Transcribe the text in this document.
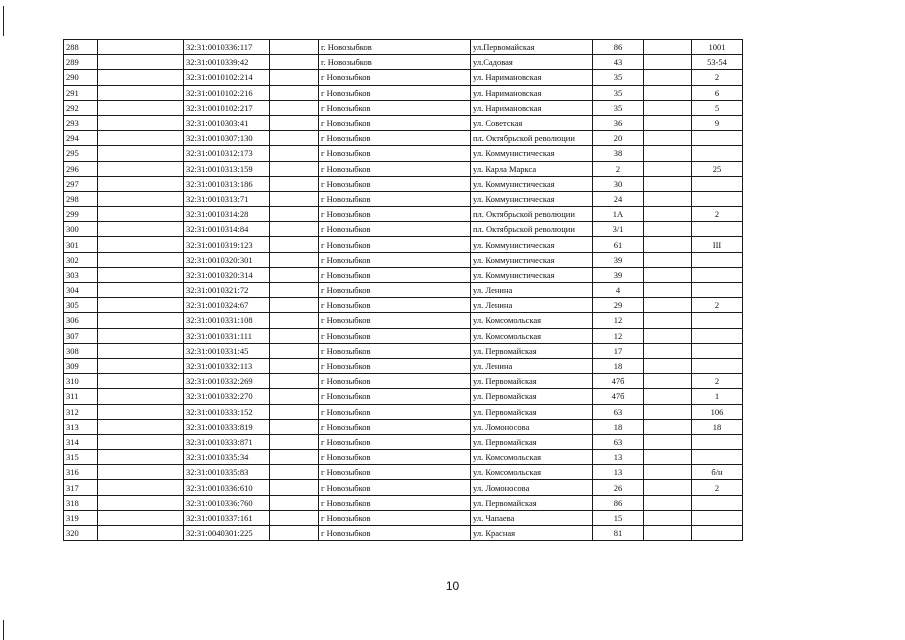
288		32:31:0010336:117		г. Новозыбков	ул.Первомайская	86		1001
289		32:31:0010339:42		г. Новозыбков	ул.Садовая	43		53-54
290		32:31:0010102:214		г Новозыбков	ул. Наримановская	35		2
291		32:31:0010102:216		г Новозыбков	ул. Наримановская	35		6
292		32:31:0010102:217		г Новозыбков	ул. Наримановская	35		5
293		32:31:0010303:41		г Новозыбков	ул. Советская	36		9
294		32:31:0010307:130		г Новозыбков	пл. Октябрьской революции	20		
295		32:31:0010312:173		г Новозыбков	ул. Коммунистическая	38		
296		32:31:0010313:159		г Новозыбков	ул. Карла Маркса	2		25
297		32:31:0010313:186		г Новозыбков	ул. Коммунистическая	30		
298		32:31:0010313:71		г Новозыбков	ул. Коммунистическая	24		
299		32:31:0010314:28		г Новозыбков	пл. Октябрьской революции	1А		2
300		32:31:0010314:84		г Новозыбков	пл. Октябрьской революции	3/1		
301		32:31:0010319:123		г Новозыбков	ул. Коммунистическая	61		III
302		32:31:0010320:301		г Новозыбков	ул. Коммунистическая	39		
303		32:31:0010320:314		г Новозыбков	ул. Коммунистическая	39		
304		32:31:0010321:72		г Новозыбков	ул. Ленина	4		
305		32:31:0010324:67		г Новозыбков	ул. Ленина	29		2
306		32:31:0010331:108		г Новозыбков	ул. Комсомольская	12		
307		32:31:0010331:111		г Новозыбков	ул. Комсомольская	12		
308		32:31:0010331:45		г Новозыбков	ул. Первомайская	17		
309		32:31:0010332:113		г Новозыбков	ул. Ленина	18		
310		32:31:0010332:269		г Новозыбков	ул. Первомайская	47б		2
311		32:31:0010332:270		г Новозыбков	ул. Первомайская	47б		1
312		32:31:0010333:152		г Новозыбков	ул. Первомайская	63		106
313		32:31:0010333:819		г Новозыбков	ул. Ломоносова	18		18
314		32:31:0010333:871		г Новозыбков	ул. Первомайская	63		
315		32:31:0010335:34		г Новозыбков	ул. Комсомольская	13		
316		32:31:0010335:83		г Новозыбков	ул. Комсомольская	13		б/н
317		32:31:0010336:610		г Новозыбков	ул. Ломоносова	26		2
318		32:31:0010336:760		г Новозыбков	ул. Первомайская	86		
319		32:31:0010337:161		г Новозыбков	ул. Чапаева	15		
320		32:31:0040301:225		г Новозыбков	ул. Красная	81		
10
